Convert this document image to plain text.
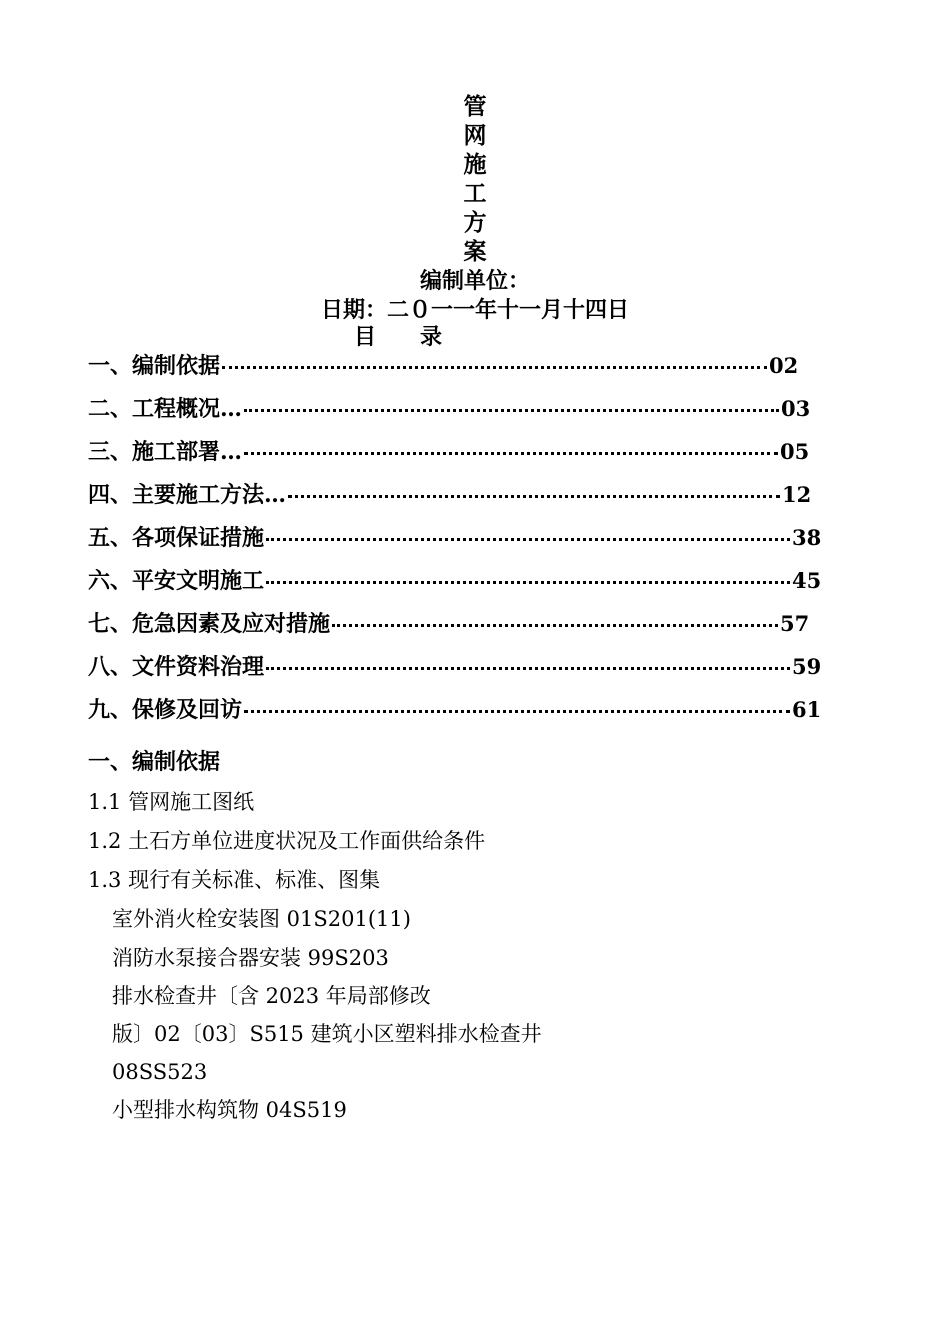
管
网
施
工
方
案
编制单位：
日期：二０一一年十一月十四日
目　　录
一、编制依据	02
二、工程概况…	03
三、施工部署…	05
四、主要施工方法…	12
五、各项保证措施	38
六、平安文明施工	45
七、危急因素及应对措施	57
八、文件资料治理	59
九、保修及回访	61
一、编制依据
1.1 管网施工图纸
1.2 土石方单位进度状况及工作面供给条件
1.3 现行有关标准、标准、图集
室外消火栓安装图 01S201(11)
消防水泵接合器安装 99S203
排水检查井〔含 2023 年局部修改
版〕02〔03〕S515 建筑小区塑料排水检查井
08SS523
小型排水构筑物 04S519
